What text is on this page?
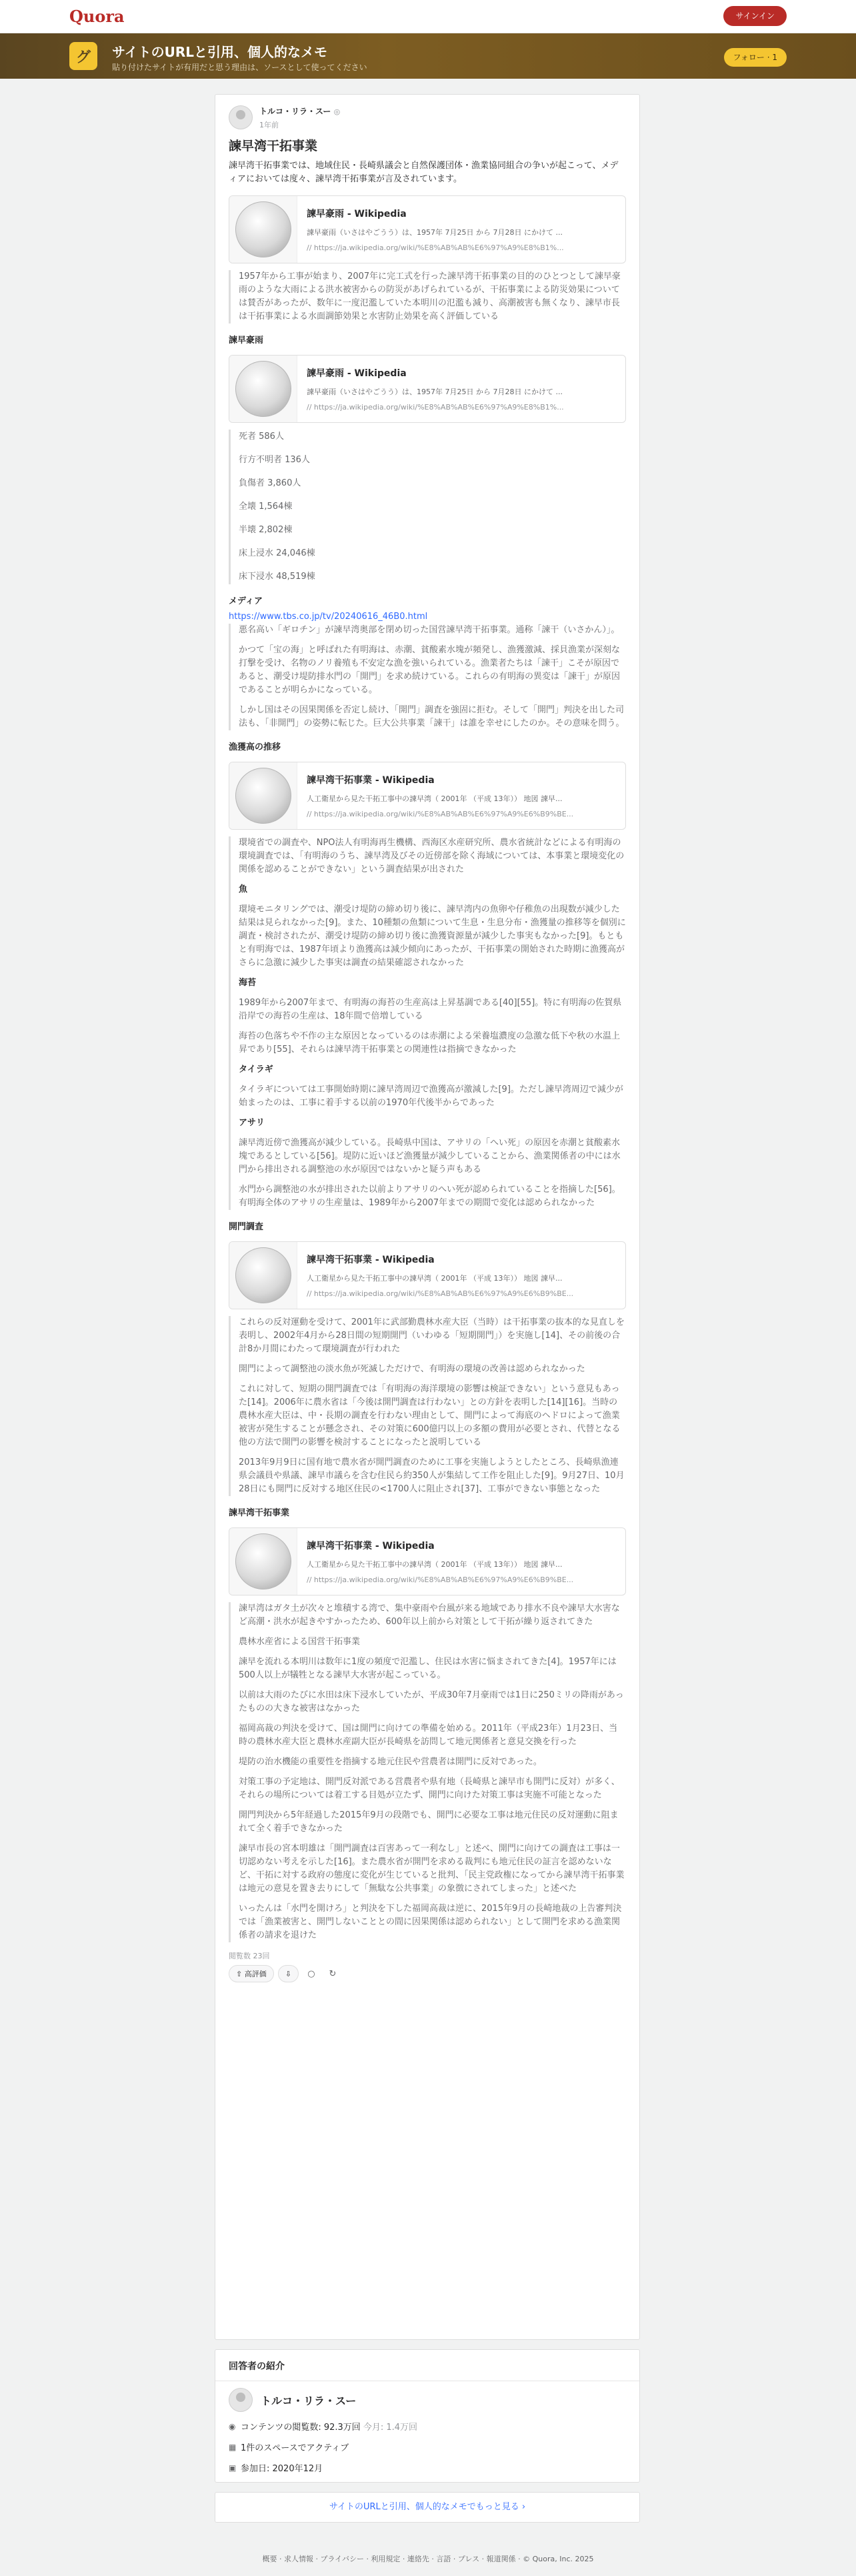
Quora	サインイン
グ	サイトのURLと引用、個人的なメモ
貼り付けたサイトが有用だと思う理由は、ソースとして使ってください
フォロー · 1
トルコ・リラ・スー ◎
1年前
諫早湾干拓事業

諫早湾干拓事業では、地域住民・長崎県議会と自然保護団体・漁業協同組合の争いが起こって、メディアにおいては度々、諫早湾干拓事業が言及されています。

諫早豪雨 - Wikipedia
諫早豪雨（いさはやごうう）は、1957年 7月25日 から 7月28日 にかけて ...
// https://ja.wikipedia.org/wiki/%E8%AB%AB%E6%97%A9%E8%B1%...

1957年から工事が始まり、2007年に完工式を行った諫早湾干拓事業の目的のひとつとして諫早豪雨のような大雨による洪水被害からの防災があげられているが、干拓事業による防災効果については賛否があったが、数年に一度氾濫していた本明川の氾濫も減り、高潮被害も無くなり、諫早市長は干拓事業による水面調節効果と水害防止効果を高く評価している

諫早豪雨
諫早豪雨 - Wikipedia
諫早豪雨（いさはやごうう）は、1957年 7月25日 から 7月28日 にかけて ...
// https://ja.wikipedia.org/wiki/%E8%AB%AB%E6%97%A9%E8%B1%...

死者 586人

行方不明者 136人

負傷者 3,860人

全壊 1,564棟

半壊 2,802棟

床上浸水 24,046棟

床下浸水 48,519棟

メディア
https://www.tbs.co.jp/tv/20240616_46B0.html

悪名高い「ギロチン」が諫早湾奥部を閉め切った国営諫早湾干拓事業。通称「諫干（いさかん）」。

かつて「宝の海」と呼ばれた有明海は、赤潮、貧酸素水塊が頻発し、漁獲激減、採貝漁業が深刻な打撃を受け、名物のノリ養殖も不安定な漁を強いられている。漁業者たちは「諫干」こそが原因であると、潮受け堤防排水門の「開門」を求め続けている。これらの有明海の異変は「諫干」が原因であることが明らかになっている。

しかし国はその因果関係を否定し続け、「開門」調査を強固に拒む。そして「開門」判決を出した司法も、「非開門」の姿勢に転じた。巨大公共事業「諫干」は誰を幸せにしたのか。その意味を問う。

漁獲高の推移
諫早湾干拓事業 - Wikipedia
人工衛星から見た干拓工事中の諫早湾（ 2001年 （平成 13年）） 地図 諫早...
// https://ja.wikipedia.org/wiki/%E8%AB%AB%E6%97%A9%E6%B9%BE...

環境省での調査や、NPO法人有明海再生機構、西海区水産研究所、農水省統計などによる有明海の環境調査では、「有明海のうち、諫早湾及びその近傍部を除く海域については、本事業と環境変化の関係を認めることができない」という調査結果が出された

魚

環境モニタリングでは、潮受け堤防の締め切り後に、諫早湾内の魚卵や仔稚魚の出現数が減少した結果は見られなかった[9]。また、10種類の魚類について生息・生息分布・漁獲量の推移等を個別に調査・検討されたが、潮受け堤防の締め切り後に漁獲資源量が減少した事実もなかった[9]。もともと有明海では、1987年頃より漁獲高は減少傾向にあったが、干拓事業の開始された時期に漁獲高がさらに急激に減少した事実は調査の結果確認されなかった

海苔

1989年から2007年まで、有明海の海苔の生産高は上昇基調である[40][55]。特に有明海の佐賀県沿岸での海苔の生産は、18年間で倍増している

海苔の色落ちや不作の主な原因となっているのは赤潮による栄養塩濃度の急激な低下や秋の水温上昇であり[55]、それらは諫早湾干拓事業との関連性は指摘できなかった

タイラギ

タイラギについては工事開始時期に諫早湾周辺で漁獲高が激減した[9]。ただし諫早湾周辺で減少が始まったのは、工事に着手する以前の1970年代後半からであった

アサリ

諫早湾近傍で漁獲高が減少している。長崎県中国は、アサリの「へい死」の原因を赤潮と貧酸素水塊であるとしている[56]。堤防に近いほど漁獲量が減少していることから、漁業関係者の中には水門から排出される調整池の水が原因ではないかと疑う声もある

水門から調整池の水が排出された以前よりアサリのへい死が認められていることを指摘した[56]。有明海全体のアサリの生産量は、1989年から2007年までの期間で変化は認められなかった

開門調査
諫早湾干拓事業 - Wikipedia
人工衛星から見た干拓工事中の諫早湾（ 2001年 （平成 13年）） 地図 諫早...
// https://ja.wikipedia.org/wiki/%E8%AB%AB%E6%97%A9%E6%B9%BE...

これらの反対運動を受けて、2001年に武部勤農林水産大臣（当時）は干拓事業の抜本的な見直しを表明し、2002年4月から28日間の短期開門（いわゆる「短期開門」）を実施し[14]、その前後の合計8か月間にわたって環境調査が行われた

開門によって調整池の淡水魚が死滅しただけで、有明海の環境の改善は認められなかった

これに対して、短期の開門調査では「有明海の海洋環境の影響は検証できない」という意見もあった[14]。2006年に農水省は「今後は開門調査は行わない」との方針を表明した[14][16]。当時の農林水産大臣は、中・長期の調査を行わない理由として、開門によって海底のヘドロによって漁業被害が発生することが懸念され、その対策に600億円以上の多額の費用が必要とされ、代替となる他の方法で開門の影響を検討することになったと説明している

2013年9月9日に国有地で農水省が開門調査のために工事を実施しようとしたところ、長崎県漁連県会議員や県議、諫早市議らを含む住民ら約350人が集結して工作を阻止した[9]。9月27日、10月28日にも開門に反対する地区住民の<1700人に阻止され[37]、工事ができない事態となった

諫早湾干拓事業
諫早湾干拓事業 - Wikipedia
人工衛星から見た干拓工事中の諫早湾（ 2001年 （平成 13年）） 地図 諫早...
// https://ja.wikipedia.org/wiki/%E8%AB%AB%E6%97%A9%E6%B9%BE...

諫早湾はガタ土が次々と堆積する湾で、集中豪雨や台風が来る地域であり排水不良や諫早大水害など高潮・洪水が起きやすかったため、600年以上前から対策として干拓が繰り返されてきた

農林水産省による国営干拓事業

諫早を流れる本明川は数年に1度の頻度で氾濫し、住民は水害に悩まされてきた[4]。1957年には500人以上が犠牲となる諫早大水害が起こっている。

以前は大雨のたびに水田は床下浸水していたが、平成30年7月豪雨では1日に250ミリの降雨があったものの大きな被害はなかった

福岡高裁の判決を受けて、国は開門に向けての準備を始める。2011年（平成23年）1月23日、当時の農林水産大臣と農林水産副大臣が長崎県を訪問して地元関係者と意見交換を行った

堤防の治水機能の重要性を指摘する地元住民や営農者は開門に反対であった。

対策工事の予定地は、開門反対派である営農者や県有地（長崎県と諫早市も開門に反対）が多く、それらの場所については着工する目処が立たず、開門に向けた対策工事は実施不可能となった

開門判決から5年経過した2015年9月の段階でも、開門に必要な工事は地元住民の反対運動に阻まれて全く着手できなかった

諫早市長の宮本明雄は「開門調査は百害あって一利なし」と述べ、開門に向けての調査は工事は一切認めない考えを示した[16]。また農水省が開門を求める裁判にも地元住民の証言を認めないなど、干拓に対する政府の態度に変化が生じていると批判、「民主党政権になってから諫早湾干拓事業は地元の意見を置き去りにして「無駄な公共事業」の象徴にされてしまった」と述べた

いったんは「水門を開けろ」と判決を下した福岡高裁は逆に、2015年9月の長崎地裁の上告審判決では「漁業被害と、開門しないこととの間に因果関係は認められない」として開門を求める漁業関係者の請求を退けた

閲覧数 23回
⇧ 高評価	⇩ ○ ↻
回答者の紹介
トルコ・リラ・スー
◉ コンテンツの閲覧数: 92.3万回 今月: 1.4万回
▦ 1件のスペースでアクティブ
▣ 参加日: 2020年12月
サイトのURLと引用、個人的なメモでもっと見る ›
概要 · 求人情報 · プライバシー · 利用規定 · 連絡先 · 言語 · プレス · 報道関係 · © Quora, Inc. 2025
